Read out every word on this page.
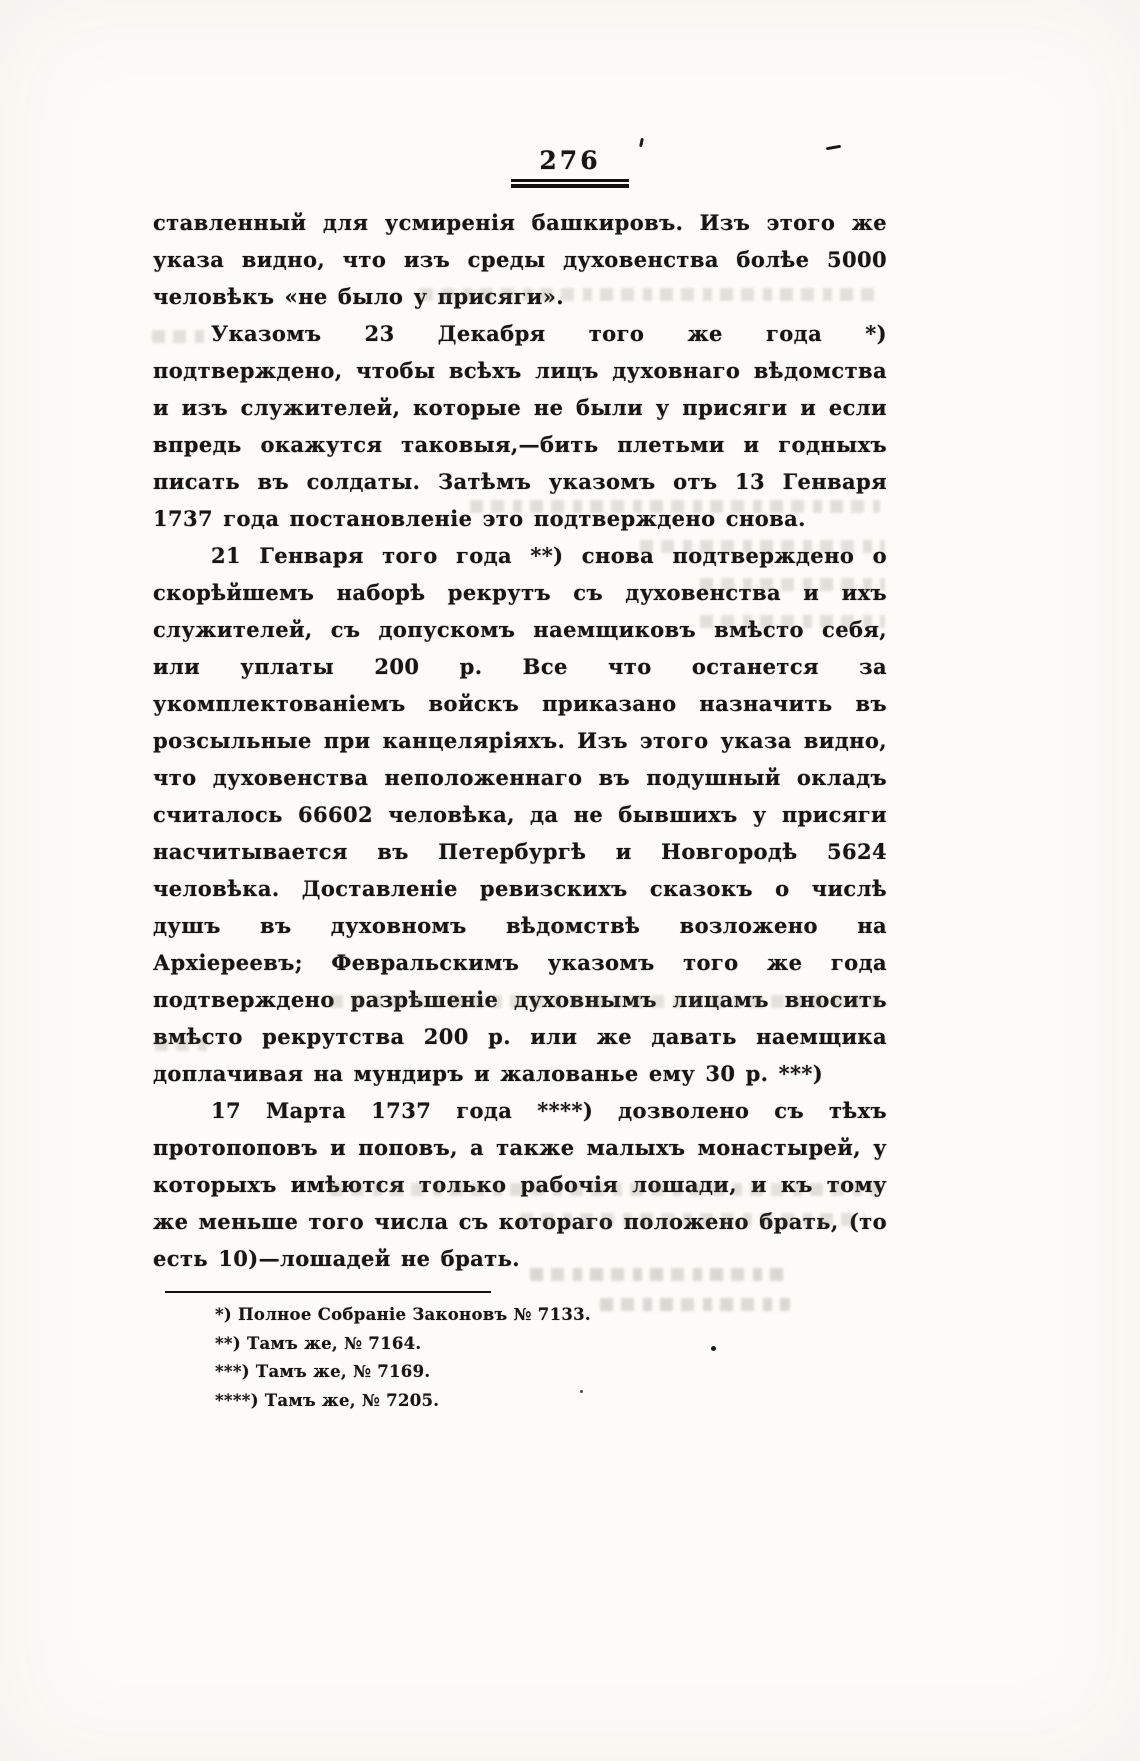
276

ставленный для усмиренія башкировъ. Изъ этого же указа видно, что изъ среды духовенства болѣе 5000 человѣкъ «не было у присяги».

Указомъ 23 Декабря того же года *) подтверждено, чтобы всѣхъ лицъ духовнаго вѣдомства и изъ служителей, которые не были у присяги и если впредь окажутся таковыя,—бить плетьми и годныхъ писать въ солдаты. Затѣмъ указомъ отъ 13 Генваря 1737 года постановленіе это подтверждено снова.

21 Генваря того года **) снова подтверждено о скорѣйшемъ наборѣ рекрутъ съ духовенства и ихъ служителей, съ допускомъ наемщиковъ вмѣсто себя, или уплаты 200 р. Все что останется за укомплектованіемъ войскъ приказано назначить въ розсыльные при канцеляріяхъ. Изъ этого указа видно, что духовенства неположеннаго въ подушный окладъ считалось 66602 человѣка, да не бывшихъ у присяги насчитывается въ Петербургѣ и Новгородѣ 5624 человѣка. Доставленіе ревизскихъ сказокъ о числѣ душъ въ духовномъ вѣдомствѣ возложено на Архіереевъ; Февральскимъ указомъ того же года подтверждено разрѣшеніе духовнымъ лицамъ вносить вмѣсто рекрутства 200 р. или же давать наемщика доплачивая на мундиръ и жалованье ему 30 р. ***)

17 Марта 1737 года ****) дозволено съ тѣхъ протопоповъ и поповъ, а также малыхъ монастырей, у которыхъ имѣются только рабочія лошади, и къ тому же меньше того числа съ котораго положено брать, (то есть 10)—лошадей не брать.

*) Полное Собраніе Законовъ № 7133.
**) Тамъ же, № 7164.
***) Тамъ же, № 7169.
****) Тамъ же, № 7205.
